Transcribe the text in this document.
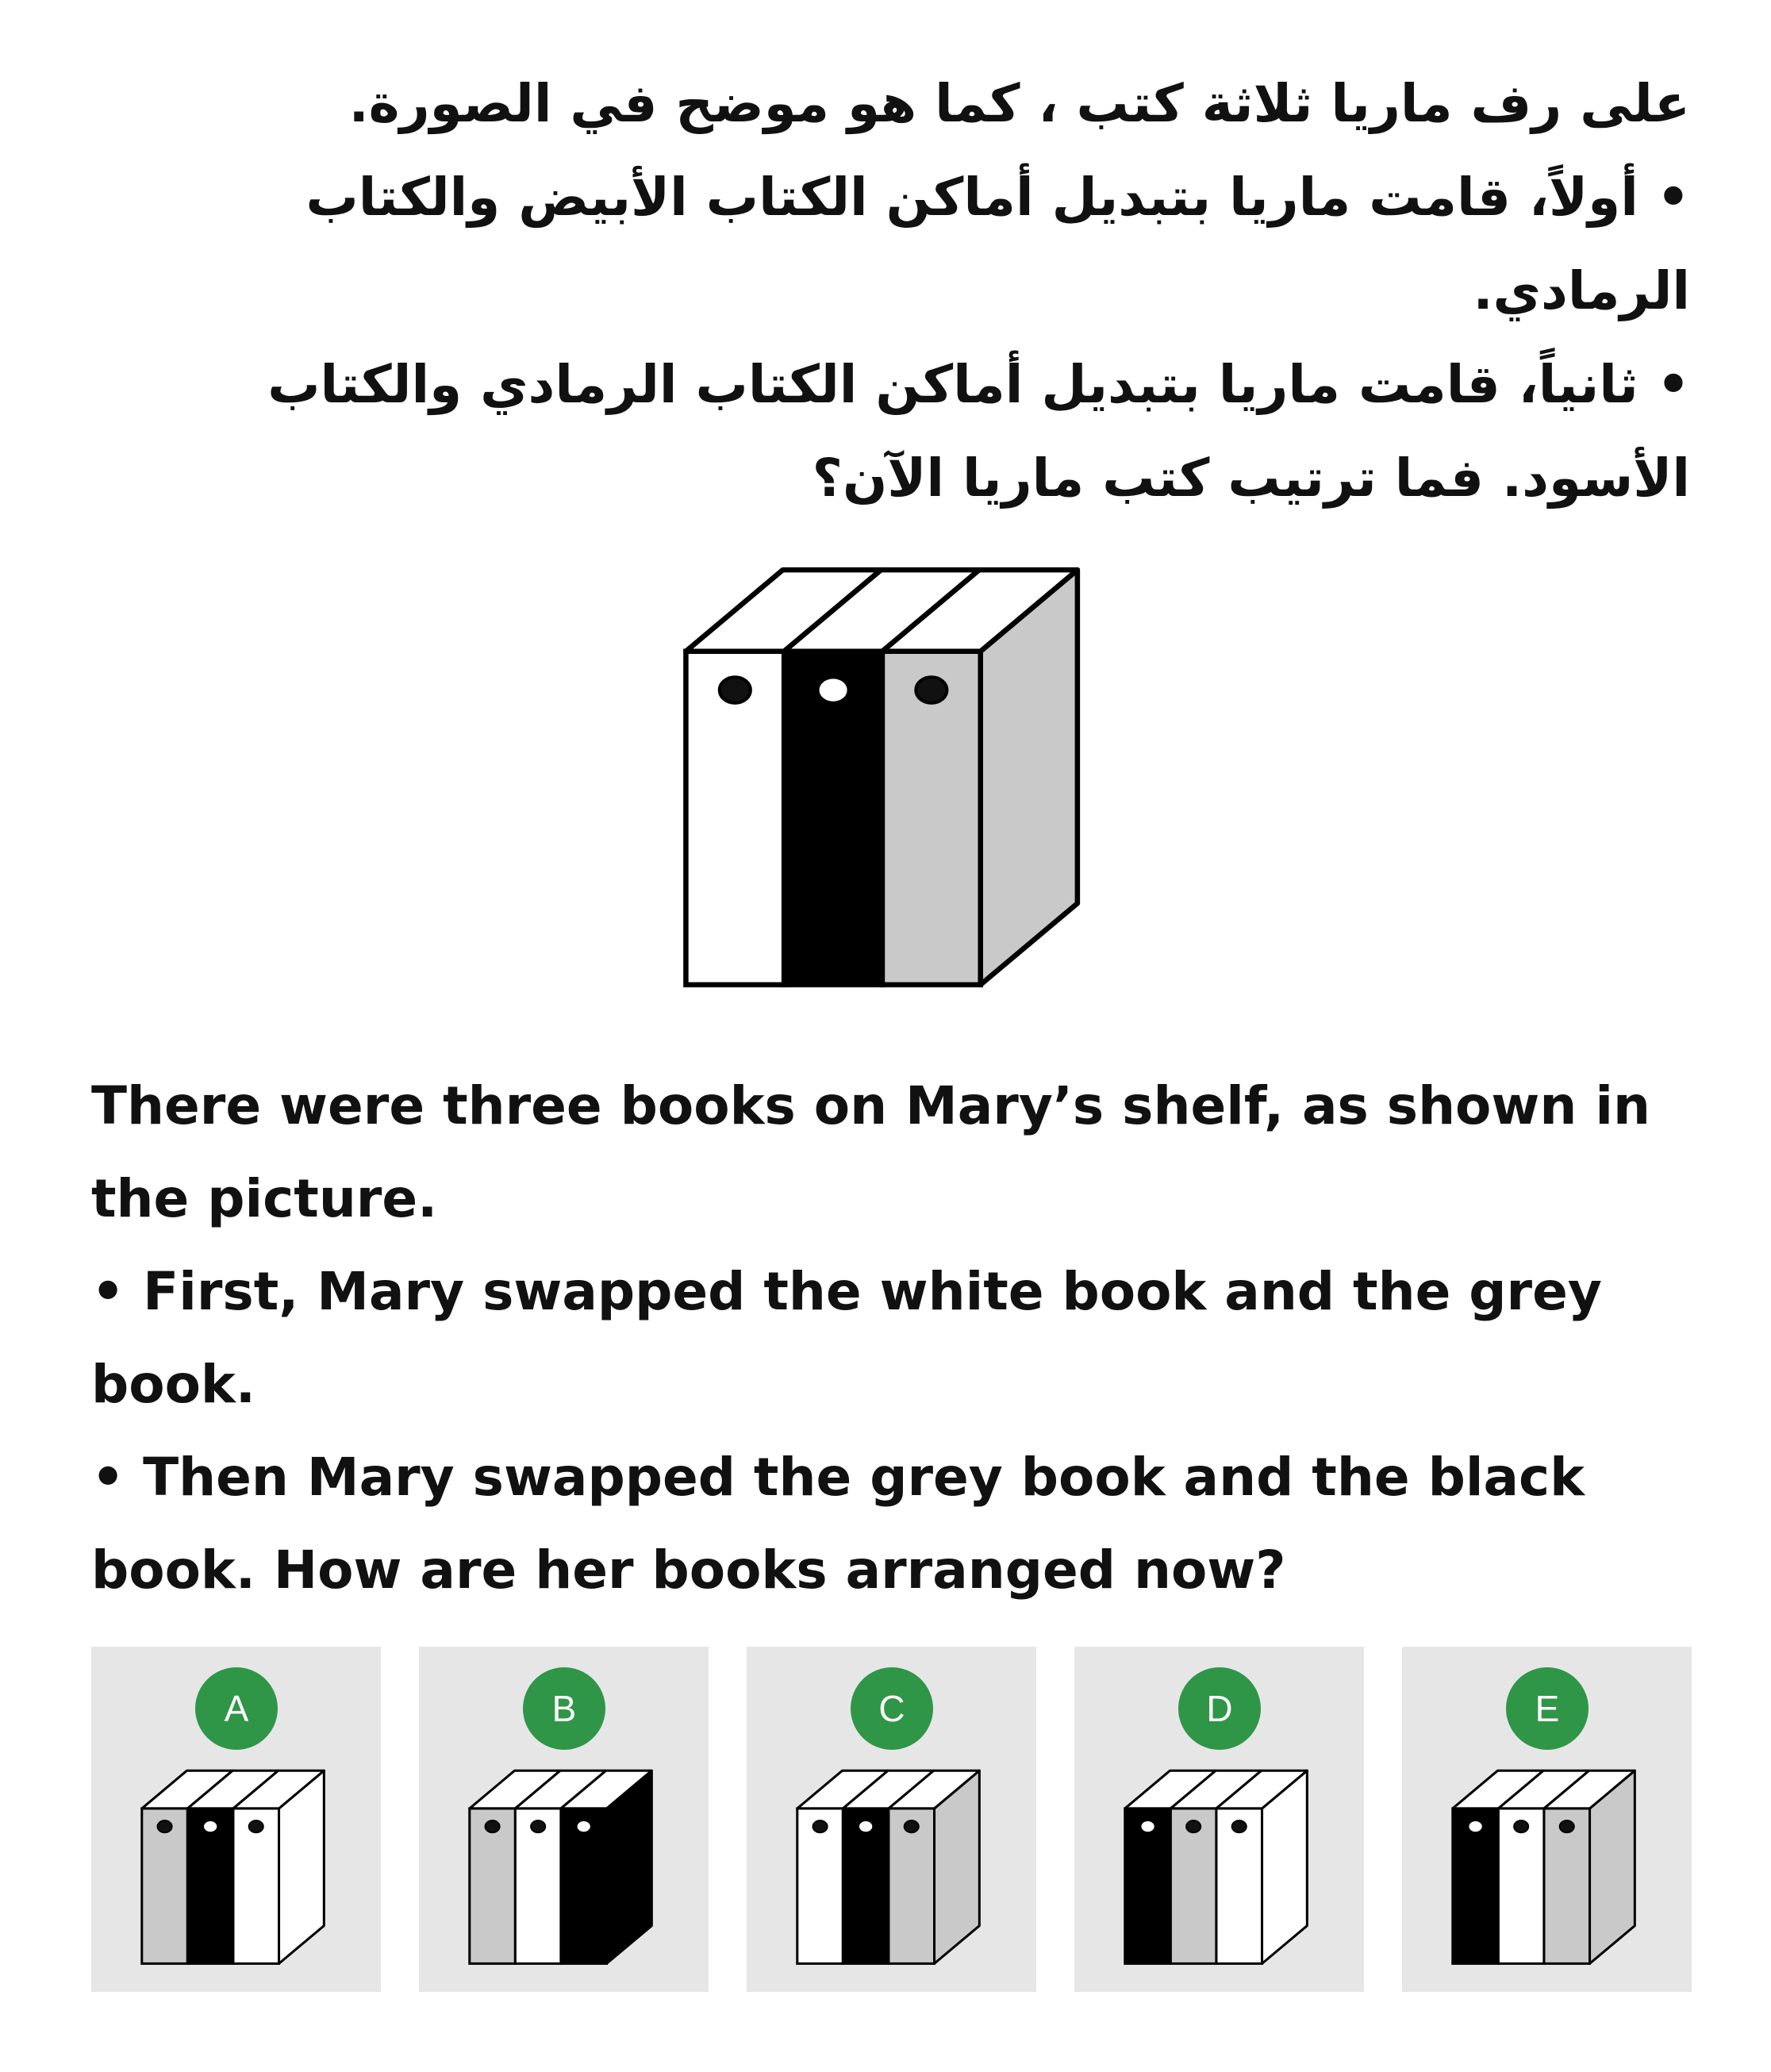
على رف ماريا ثلاثة كتب ، كما هو موضح في الصورة.

• أولاً، قامت ماريا بتبديل أماكن الكتاب الأبيض والكتاب الرمادي.

• ثانياً، قامت ماريا بتبديل أماكن الكتاب الرمادي والكتاب الأسود. فما ترتيب كتب ماريا الآن؟

There were three books on Mary’s shelf, as shown in the picture.

• First, Mary swapped the white book and the grey book.

• Then Mary swapped the grey book and the black book. How are her books arranged now?

A	B	C	D	E
